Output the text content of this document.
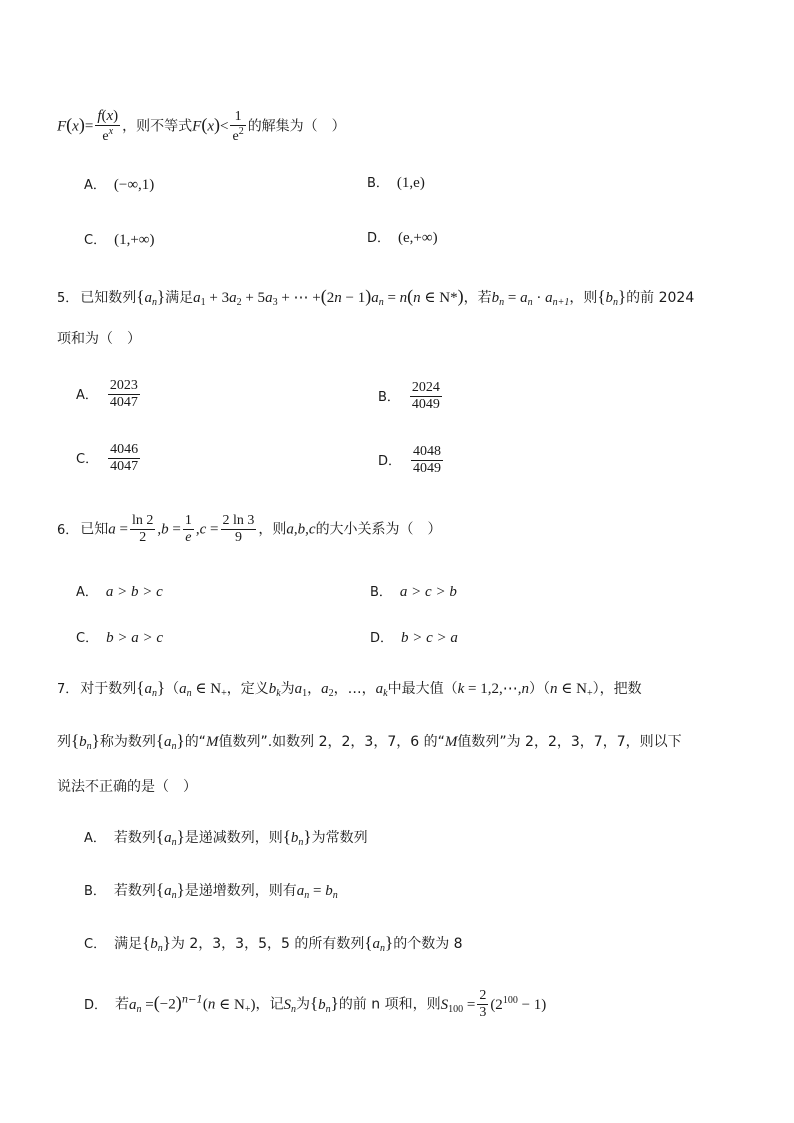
$F(x)= \frac{f(x)}{e^x}$ ，则不等式$F(x)< \frac{1}{e^2}$ 的解集为（　）
A． (−∞,1)	B． (1,e)
C． (1,+∞)	D． (e,+∞)
5． 已知数列$\{a_n\}$满足$a_1 + 3a_2 + 5a_3$ + ⋯ $+(2n - 1)a_n = n(n$ ∈ N*)，若$b_n = a_n \cdot a_{n+1}$，则$\{b_n\}$的前 2024
项和为（　）
A． $\frac{2023}{4047}$	B． $\frac{2024}{4049}$
C． $\frac{4046}{4047}$	D． $\frac{4048}{4049}$
6． 已知$a = \frac{\ln 2}{2} ,b = \frac{1}{e} ,c = \frac{2 \ln 3}{9}$ ，则a,b,c的大小关系为（　）
A． a > b > c	B． a > c > b
C． b > a > c	D． b > c > a
7． 对于数列$\{a_n\}(a_n$ ∈ $N_+$，定义$b_k$为$a_1$，$a_2$，…，$a_k$中最大值（k = 1,2,⋯,n）（n ∈ $N_+$），把数
列$\{b_n\}$称为数列$\{a_n\}$的“M值数列”.如数列 2，2，3，7，6 的“M值数列”为 2，2，3，7，7，则以下
说法不正确的是（　）
A． 若数列$\{a_n\}$是递减数列，则$\{b_n\}$为常数列
B． 若数列$\{a_n\}$是递增数列，则有$a_n = b_n$
C． 满足$\{b_n\}$为 2，3，3，5，5 的所有数列$\{a_n\}$的个数为 8
D． 若$a_n =(-2)^{n-1}(n$ ∈ $N_+$)，记$S_n$为$\{b_n\}$的前 n 项和，则$S_{100} = \frac{2}{3} (2^{100} - 1)$
